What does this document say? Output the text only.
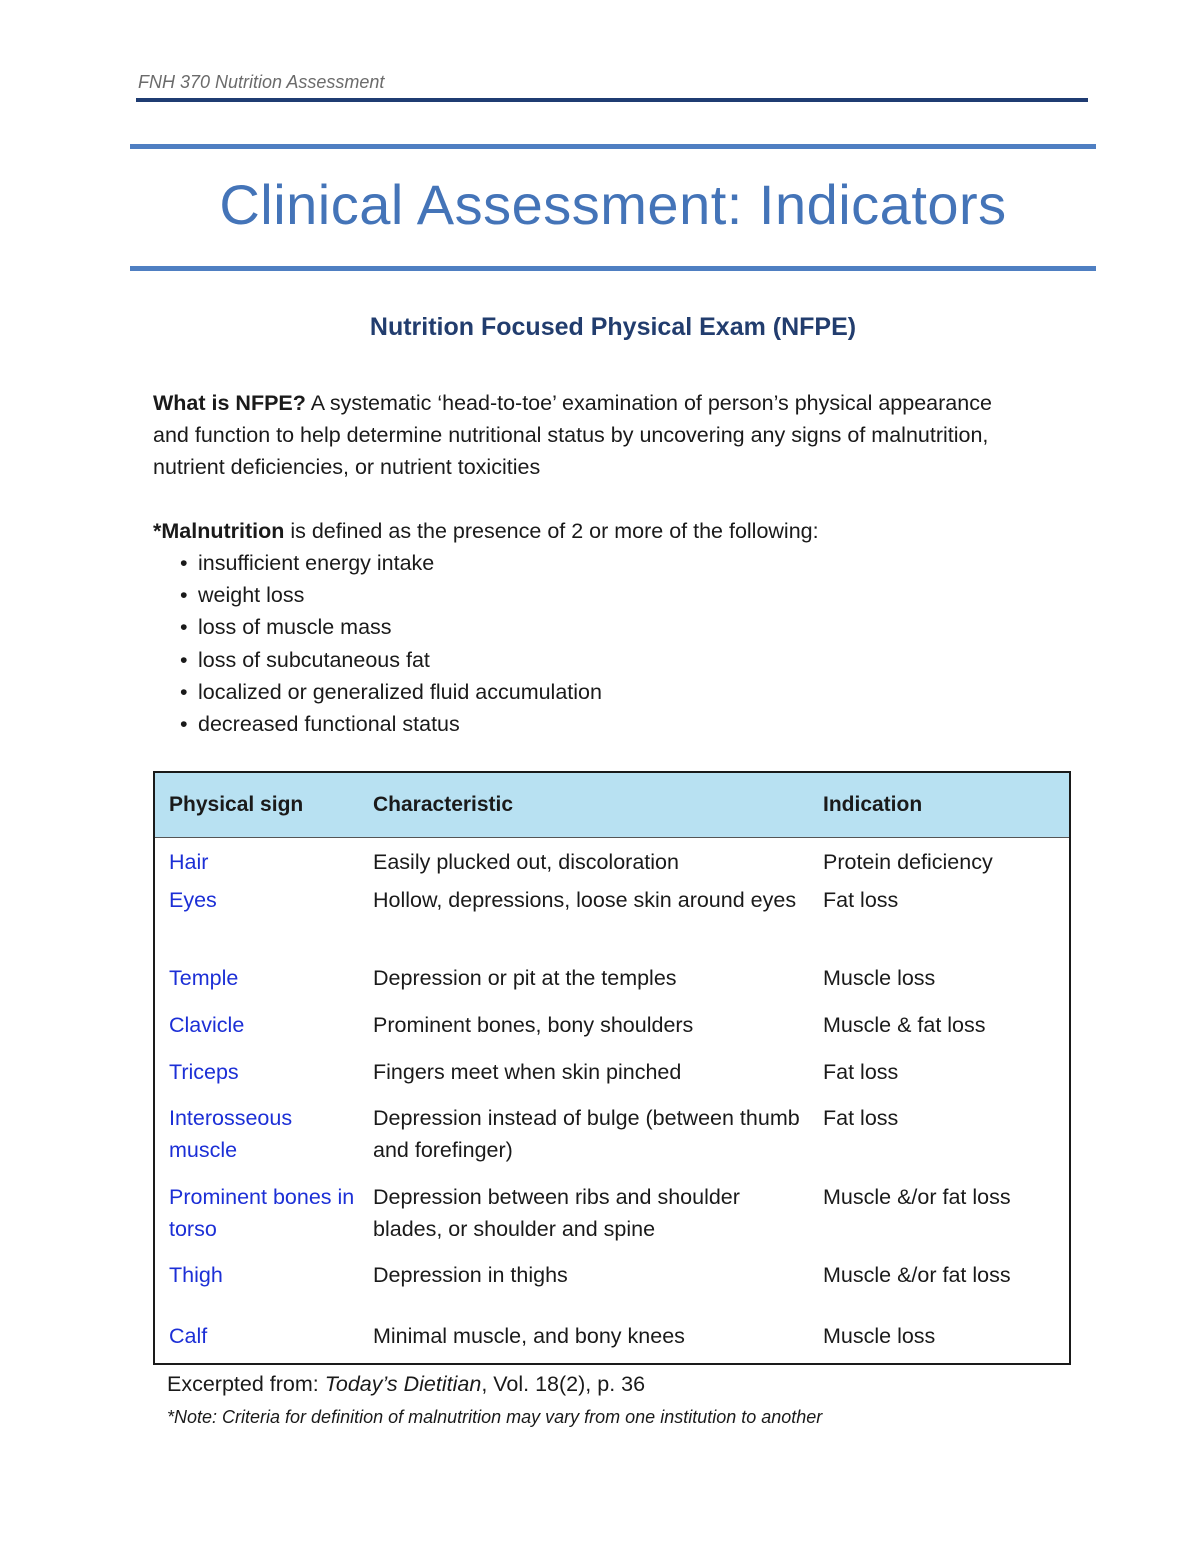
FNH 370 Nutrition Assessment
Clinical Assessment: Indicators
Nutrition Focused Physical Exam (NFPE)
What is NFPE? A systematic ‘head-to-toe’ examination of person’s physical appearance and function to help determine nutritional status by uncovering any signs of malnutrition, nutrient deficiencies, or nutrient toxicities
*Malnutrition is defined as the presence of 2 or more of the following:
• insufficient energy intake
• weight loss
• loss of muscle mass
• loss of subcutaneous fat
• localized or generalized fluid accumulation
• decreased functional status
Physical sign	Characteristic	Indication
Hair	Easily plucked out, discoloration	Protein deficiency
Eyes	Hollow, depressions, loose skin around eyes	Fat loss
Temple	Depression or pit at the temples	Muscle loss
Clavicle	Prominent bones, bony shoulders	Muscle & fat loss
Triceps	Fingers meet when skin pinched	Fat loss
Interosseous muscle	Depression instead of bulge (between thumb and forefinger)	Fat loss
Prominent bones in torso	Depression between ribs and shoulder blades, or shoulder and spine	Muscle &/or fat loss
Thigh	Depression in thighs	Muscle &/or fat loss
Calf	Minimal muscle, and bony knees	Muscle loss
Excerpted from: Today’s Dietitian, Vol. 18(2), p. 36
*Note: Criteria for definition of malnutrition may vary from one institution to another
